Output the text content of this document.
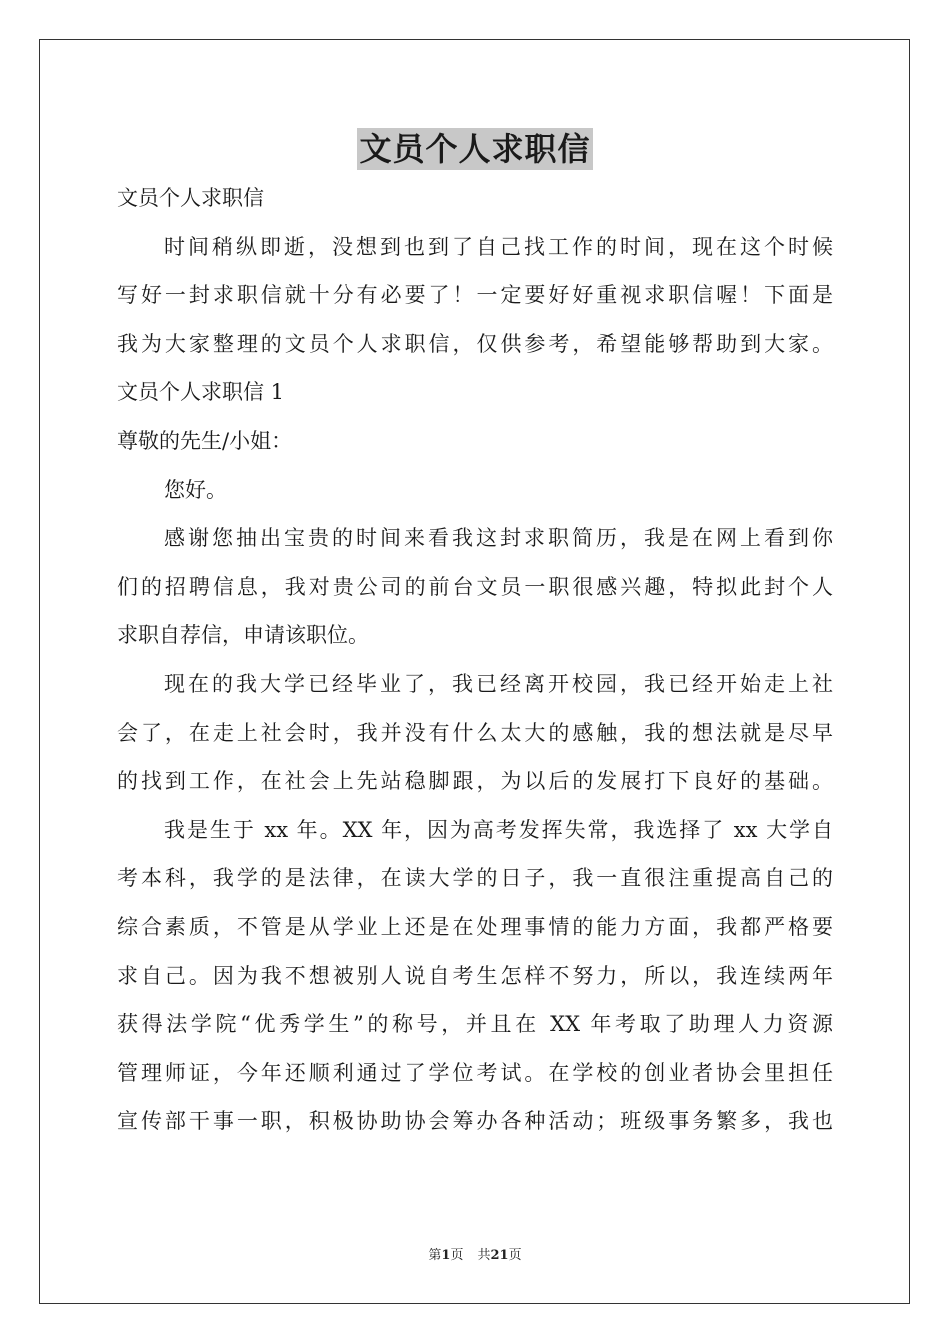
文员个人求职信
文员个人求职信
时间稍纵即逝，没想到也到了自己找工作的时间，现在这个时候
写好一封求职信就十分有必要了！一定要好好重视求职信喔！下面是
我为大家整理的文员个人求职信，仅供参考，希望能够帮助到大家。
文员个人求职信 1
尊敬的先生/小姐：
您好。
感谢您抽出宝贵的时间来看我这封求职简历，我是在网上看到你
们的招聘信息，我对贵公司的前台文员一职很感兴趣，特拟此封个人
求职自荐信，申请该职位。
现在的我大学已经毕业了，我已经离开校园，我已经开始走上社
会了，在走上社会时，我并没有什么太大的感触，我的想法就是尽早
的找到工作，在社会上先站稳脚跟，为以后的发展打下良好的基础。
我是生于 xx 年。XX 年，因为高考发挥失常，我选择了 xx 大学自
考本科，我学的是法律，在读大学的日子，我一直很注重提高自己的
综合素质，不管是从学业上还是在处理事情的能力方面，我都严格要
求自己。因为我不想被别人说自考生怎样不努力，所以，我连续两年
获得法学院“优秀学生”的称号，并且在 XX 年考取了助理人力资源
管理师证，今年还顺利通过了学位考试。在学校的创业者协会里担任
宣传部干事一职，积极协助协会筹办各种活动；班级事务繁多，我也
第1页 共21页
